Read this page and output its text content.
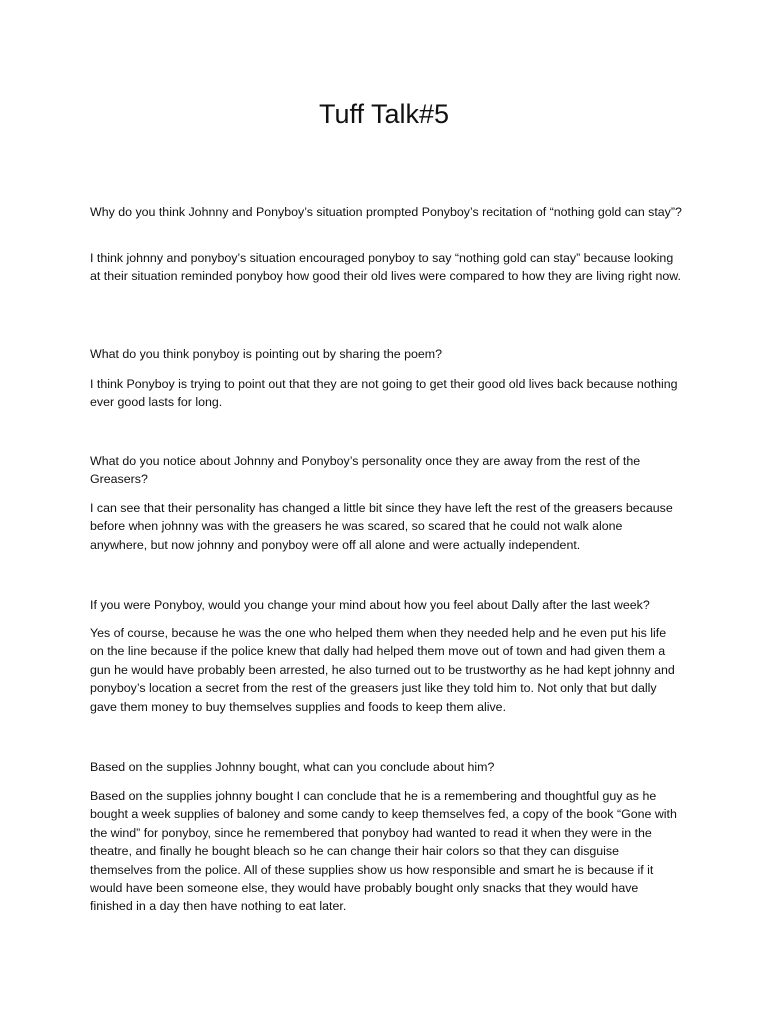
Tuff Talk#5

Why do you think Johnny and Ponyboy’s situation prompted Ponyboy’s recitation of “nothing gold can stay”?

I think johnny and ponyboy’s situation encouraged ponyboy to say “nothing gold can stay” because looking at their situation reminded ponyboy how good their old lives were compared to how they are living right now.

What do you think ponyboy is pointing out by sharing the poem?

I think Ponyboy is trying to point out that they are not going to get their good old lives back because nothing ever good lasts for long.

What do you notice about Johnny and Ponyboy’s personality once they are away from the rest of the Greasers?

I can see that their personality has changed a little bit since they have left the rest of the greasers because before when johnny was with the greasers he was scared, so scared that he could not walk alone anywhere, but now johnny and ponyboy were off all alone and were actually independent.

If you were Ponyboy, would you change your mind about how you feel about Dally after the last week?

Yes of course, because he was the one who helped them when they needed help and he even put his life on the line because if the police knew that dally had helped them move out of town and had given them a gun he would have probably been arrested, he also turned out to be trustworthy as he had kept johnny and ponyboy’s location a secret from the rest of the greasers just like they told him to. Not only that but dally gave them money to buy themselves supplies and foods to keep them alive.

Based on the supplies Johnny bought, what can you conclude about him?

Based on the supplies johnny bought I can conclude that he is a remembering and thoughtful guy as he bought a week supplies of baloney and some candy to keep themselves fed, a copy of the book “Gone with the wind” for ponyboy, since he remembered that ponyboy had wanted to read it when they were in the theatre, and finally he bought bleach so he can change their hair colors so that they can disguise themselves from the police. All of these supplies show us how responsible and smart he is because if it would have been someone else, they would have probably bought only snacks that they would have finished in a day then have nothing to eat later.
